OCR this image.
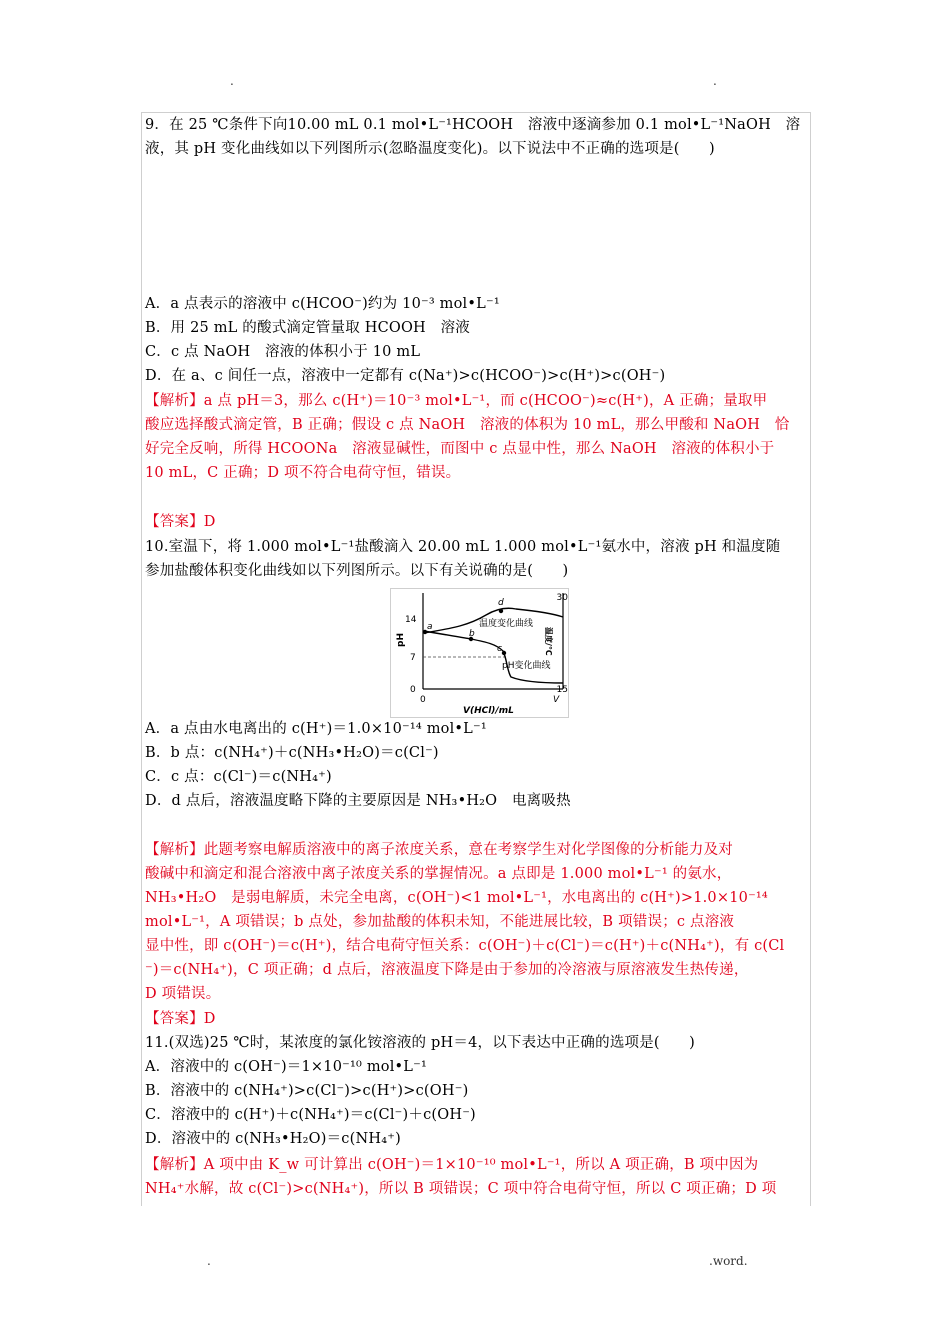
.	.
9．在 25 ℃条件下向10.00 mL 0.1 mol•L⁻¹HCOOH　溶液中逐滴参加 0.1 mol•L⁻¹NaOH　溶
液，其 pH 变化曲线如以下列图所示(忽略温度变化)。以下说法中不正确的选项是(　　)
A．a 点表示的溶液中 c(HCOO⁻)约为 10⁻³ mol•L⁻¹
B．用 25 mL 的酸式滴定管量取 HCOOH　溶液
C．c 点 NaOH　溶液的体积小于 10 mL
D．在 a、c 间任一点，溶液中一定都有 c(Na⁺)>c(HCOO⁻)>c(H⁺)>c(OH⁻)
【解析】a 点 pH＝3，那么 c(H⁺)＝10⁻³ mol•L⁻¹，而 c(HCOO⁻)≈c(H⁺)，A 正确；量取甲
酸应选择酸式滴定管，B 正确；假设 c 点 NaOH　溶液的体积为 10 mL，那么甲酸和 NaOH　恰
好完全反响，所得 HCOONa　溶液显碱性，而图中 c 点显中性，那么 NaOH　溶液的体积小于
10 mL，C 正确；D 项不符合电荷守恒，错误。
【答案】D
10.室温下，将 1.000 mol•L⁻¹盐酸滴入 20.00 mL 1.000 mol•L⁻¹氨水中，溶液 pH 和温度随
参加盐酸体积变化曲线如以下列图所示。以下有关说确的是(　　)
a
b
c
d
温度变化曲线
pH变化曲线
14
7
0
30
15
pH	温度/℃
0	V
V(HCl)/mL
A．a 点由水电离出的 c(H⁺)＝1.0×10⁻¹⁴ mol•L⁻¹
B．b 点：c(NH₄⁺)＋c(NH₃•H₂O)＝c(Cl⁻)
C．c 点：c(Cl⁻)＝c(NH₄⁺)
D．d 点后，溶液温度略下降的主要原因是 NH₃•H₂O　电离吸热
【解析】此题考察电解质溶液中的离子浓度关系，意在考察学生对化学图像的分析能力及对
酸碱中和滴定和混合溶液中离子浓度关系的掌握情况。a 点即是 1.000 mol•L⁻¹ 的氨水，
NH₃•H₂O　是弱电解质，未完全电离，c(OH⁻)<1 mol•L⁻¹，水电离出的 c(H⁺)>1.0×10⁻¹⁴
mol•L⁻¹，A 项错误；b 点处，参加盐酸的体积未知，不能进展比较，B 项错误；c 点溶液
显中性，即 c(OH⁻)＝c(H⁺)，结合电荷守恒关系：c(OH⁻)＋c(Cl⁻)＝c(H⁺)＋c(NH₄⁺)，有 c(Cl
⁻)＝c(NH₄⁺)，C 项正确；d 点后，溶液温度下降是由于参加的冷溶液与原溶液发生热传递，
D 项错误。
【答案】D
11.(双选)25 ℃时，某浓度的氯化铵溶液的 pH＝4，以下表达中正确的选项是(　　)
A．溶液中的 c(OH⁻)＝1×10⁻¹⁰ mol•L⁻¹
B．溶液中的 c(NH₄⁺)>c(Cl⁻)>c(H⁺)>c(OH⁻)
C．溶液中的 c(H⁺)＋c(NH₄⁺)＝c(Cl⁻)＋c(OH⁻)
D．溶液中的 c(NH₃•H₂O)＝c(NH₄⁺)
【解析】A 项中由 K_w 可计算出 c(OH⁻)＝1×10⁻¹⁰ mol•L⁻¹，所以 A 项正确，B 项中因为
NH₄⁺水解，故 c(Cl⁻)>c(NH₄⁺)，所以 B 项错误；C 项中符合电荷守恒，所以 C 项正确；D 项
.	.word.
